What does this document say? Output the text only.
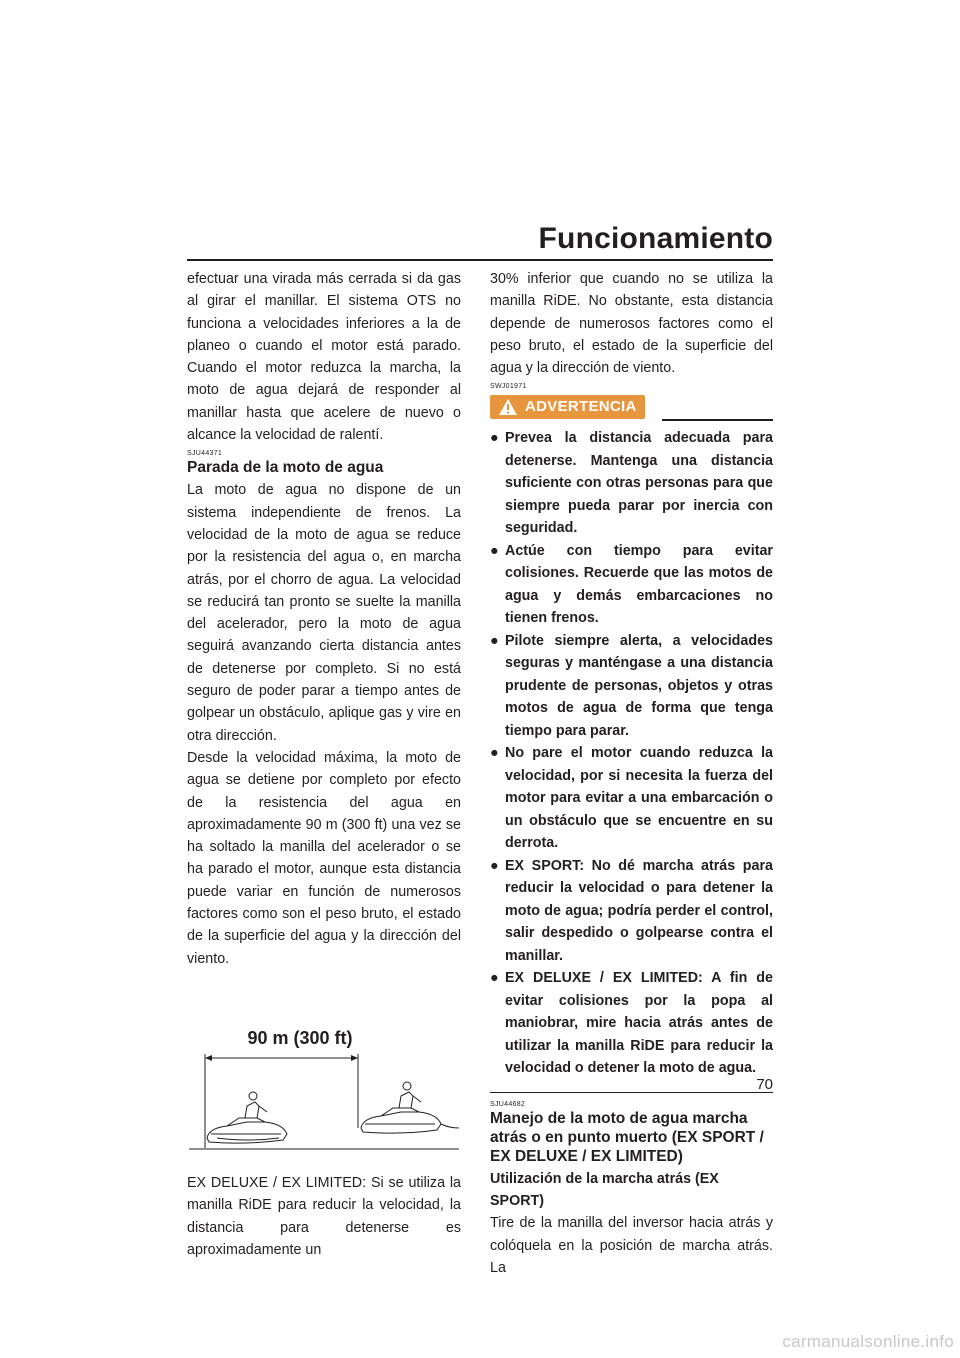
Funcionamiento

efectuar una virada más cerrada si da gas al girar el manillar. El sistema OTS no funciona a velocidades inferiores a la de planeo o cuando el motor está parado. Cuando el motor reduzca la marcha, la moto de agua dejará de responder al manillar hasta que acelere de nuevo o alcance la velocidad de ralentí.

SJU44371
Parada de la moto de agua

La moto de agua no dispone de un sistema independiente de frenos. La velocidad de la moto de agua se reduce por la resistencia del agua o, en marcha atrás, por el chorro de agua. La velocidad se reducirá tan pronto se suelte la manilla del acelerador, pero la moto de agua seguirá avanzando cierta distancia antes de detenerse por completo. Si no está seguro de poder parar a tiempo antes de golpear un obstáculo, aplique gas y vire en otra dirección.

Desde la velocidad máxima, la moto de agua se detiene por completo por efecto de la resistencia del agua en aproximadamente 90 m (300 ft) una vez se ha soltado la manilla del acelerador o se ha parado el motor, aunque esta distancia puede variar en función de numerosos factores como son el peso bruto, el estado de la superficie del agua y la dirección del viento.

90 m (300 ft)

EX DELUXE / EX LIMITED: Si se utiliza la manilla RiDE para reducir la velocidad, la distancia para detenerse es aproximadamente un

30% inferior que cuando no se utiliza la manilla RiDE. No obstante, esta distancia depende de numerosos factores como el peso bruto, el estado de la superficie del agua y la dirección de viento.

SWJ01971
ADVERTENCIA
● Prevea la distancia adecuada para detenerse. Mantenga una distancia suficiente con otras personas para que siempre pueda parar por inercia con seguridad.
● Actúe con tiempo para evitar colisiones. Recuerde que las motos de agua y demás embarcaciones no tienen frenos.
● Pilote siempre alerta, a velocidades seguras y manténgase a una distancia prudente de personas, objetos y otras motos de agua de forma que tenga tiempo para parar.
● No pare el motor cuando reduzca la velocidad, por si necesita la fuerza del motor para evitar a una embarcación o un obstáculo que se encuentre en su derrota.
● EX SPORT: No dé marcha atrás para reducir la velocidad o para detener la moto de agua; podría perder el control, salir despedido o golpearse contra el manillar.
● EX DELUXE / EX LIMITED: A fin de evitar colisiones por la popa al maniobrar, mire hacia atrás antes de utilizar la manilla RiDE para reducir la velocidad o detener la moto de agua.
SJU44682
Manejo de la moto de agua marcha atrás o en punto muerto (EX SPORT / EX DELUXE / EX LIMITED)
Utilización de la marcha atrás (EX SPORT)

Tire de la manilla del inversor hacia atrás y colóquela en la posición de marcha atrás. La

70
carmanualsonline.info
